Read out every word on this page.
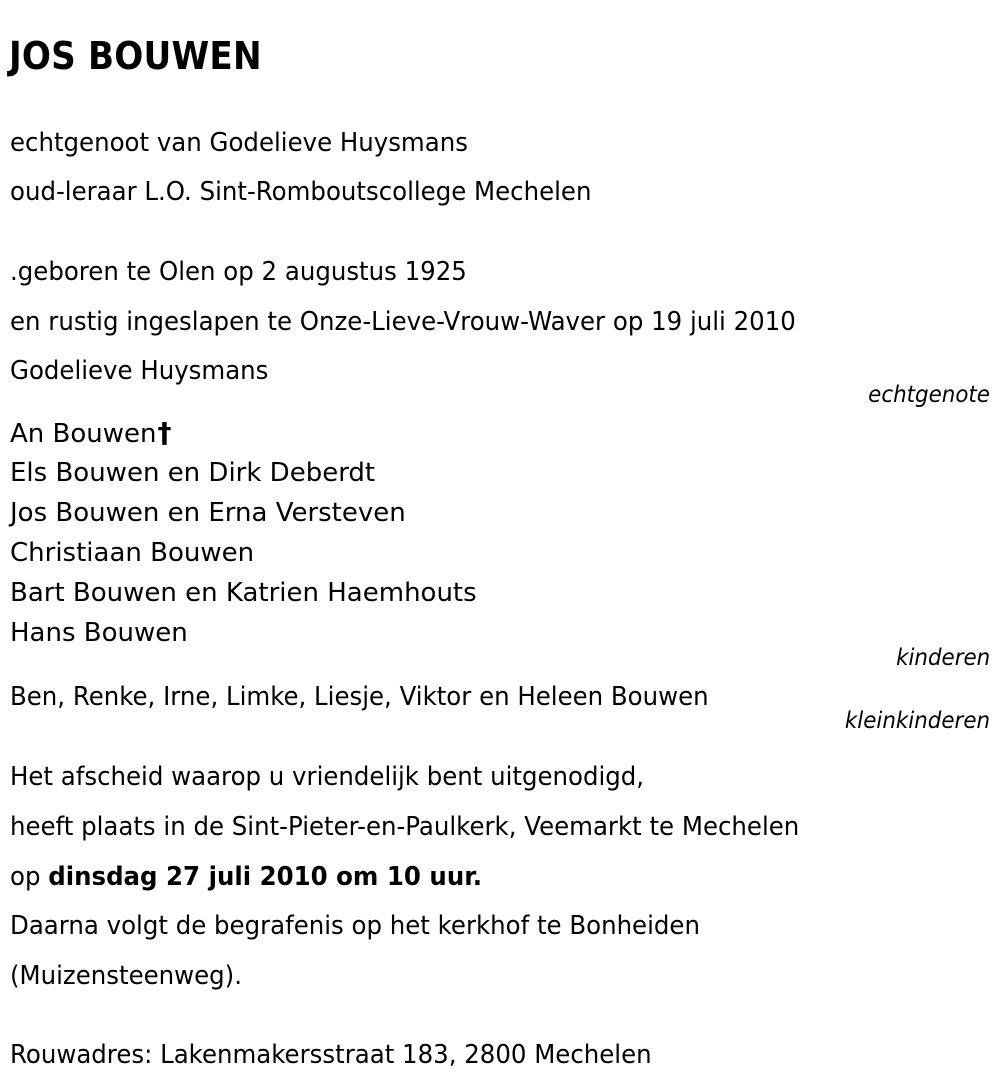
JOS BOUWEN
echtgenoot van Godelieve Huysmans
oud-leraar L.O. Sint-Romboutscollege Mechelen
.geboren te Olen op 2 augustus 1925
en rustig ingeslapen te Onze-Lieve-Vrouw-Waver op 19 juli 2010
Godelieve Huysmans
echtgenote
An Bouwen†
Els Bouwen en Dirk Deberdt
Jos Bouwen en Erna Versteven
Christiaan Bouwen
Bart Bouwen en Katrien Haemhouts
Hans Bouwen
kinderen
Ben, Renke, Irne, Limke, Liesje, Viktor en Heleen Bouwen
kleinkinderen
Het afscheid waarop u vriendelijk bent uitgenodigd,
heeft plaats in de Sint-Pieter-en-Paulkerk, Veemarkt te Mechelen
op dinsdag 27 juli 2010 om 10 uur.
Daarna volgt de begrafenis op het kerkhof te Bonheiden
(Muizensteenweg).
Rouwadres: Lakenmakersstraat 183, 2800 Mechelen
